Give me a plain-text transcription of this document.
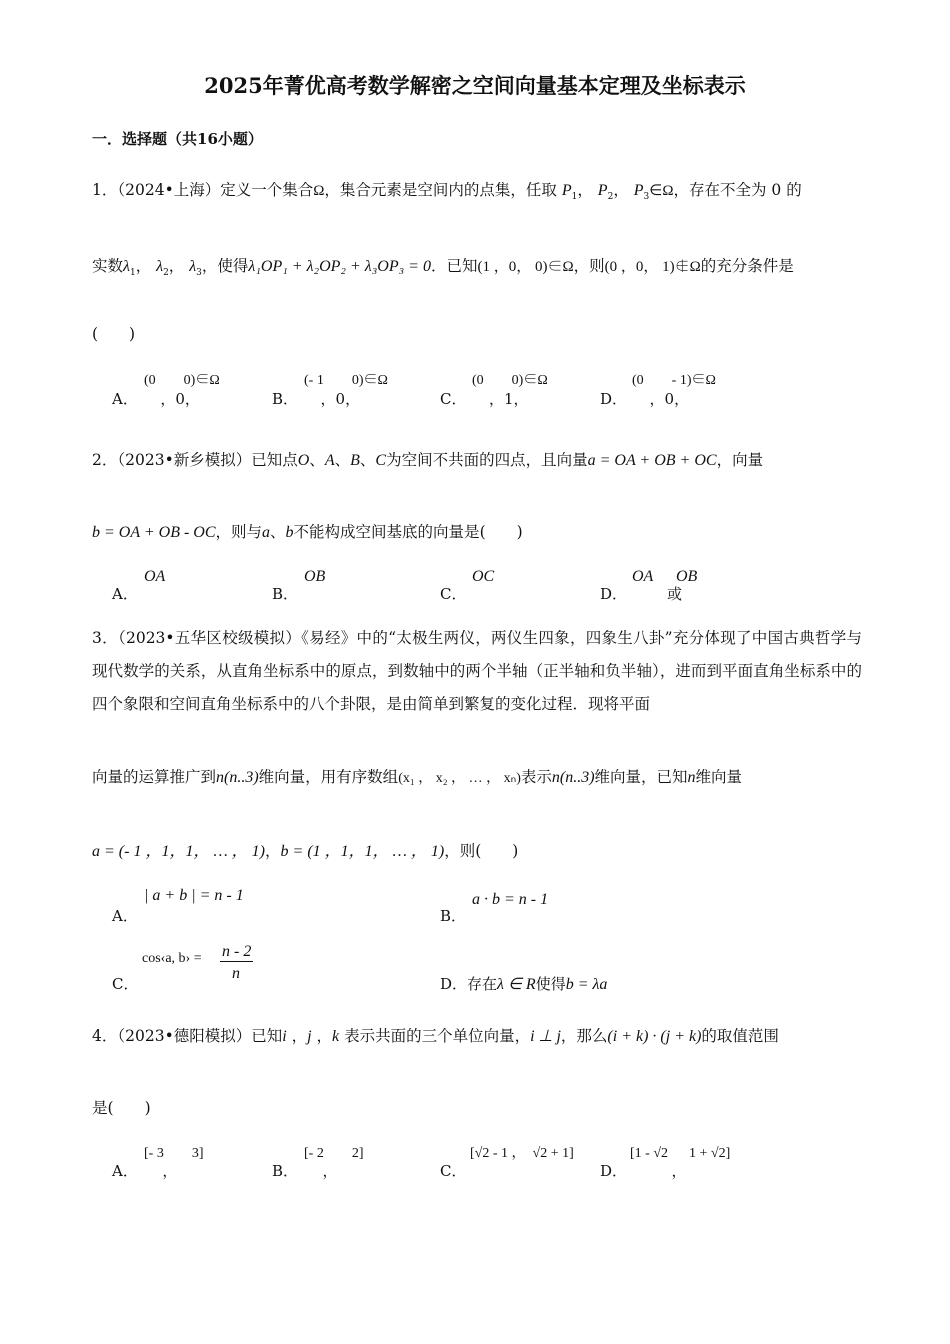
2025年菁优高考数学解密之空间向量基本定理及坐标表示
一．选择题（共16小题）
1．（2024•上海）定义一个集合Ω，集合元素是空间内的点集，任取 $P_1$， $P_2$， $P_3\in\Omega$，存在不全为 0 的
实数$\lambda_1$， $\lambda_2$， $\lambda_3$，使得λ₁OP₁ + λ₂OP₂ + λ₃OP₃ = 0．已知(1 ，0， 0)∈Ω，则(0 ，0， 1)∉Ω的充分条件是
(　　)
A．
(0　　0)∈Ω
，0，	B．
(- 1　　0)∈Ω
，0，	C．
(0　　0)∈Ω
，1，	D．
(0　　- 1)∈Ω
，0，
2．（2023•新乡模拟）已知点O、A、B、C为空间不共面的四点，且向量a = OA + OB + OC，向量
b = OA + OB - OC，则与a、b不能构成空间基底的向量是(　　)
A．
OA
B．
OB
C．
OC
D．
OA
或
OB
3．（2023•五华区校级模拟）《易经》中的“太极生两仪，两仪生四象，四象生八卦”充分体现了中国古典哲学与现代数学的关系，从直角坐标系中的原点，到数轴中的两个半轴（正半轴和负半轴），进而到平面直角坐标系中的四个象限和空间直角坐标系中的八个卦限，是由简单到繁复的变化过程．现将平面
向量的运算推广到n(n..3)维向量，用有序数组(x₁ ， x₂ ， … ， xₙ)表示n(n..3)维向量，已知n维向量
a = (- 1 ，1，1， … ， 1)，b = (1 ，1，1， … ， 1)，则(　　)
A．
| a + b | = n - 1
B．
a · b = n - 1
C．
cos‹a, b› = n - 2
n
D．存在λ ∈ R使得b = λa
4．（2023•德阳模拟）已知i ，j ，k 表示共面的三个单位向量，i ⊥ j，那么(i + k) · (j + k)的取值范围
是(　　)
A．
[- 3　　3]
，	B．
[- 2　　2]
，	C．
[√2 - 1 ，　√2 + 1]
D．
[1 - √2 　 1 + √2]
，
